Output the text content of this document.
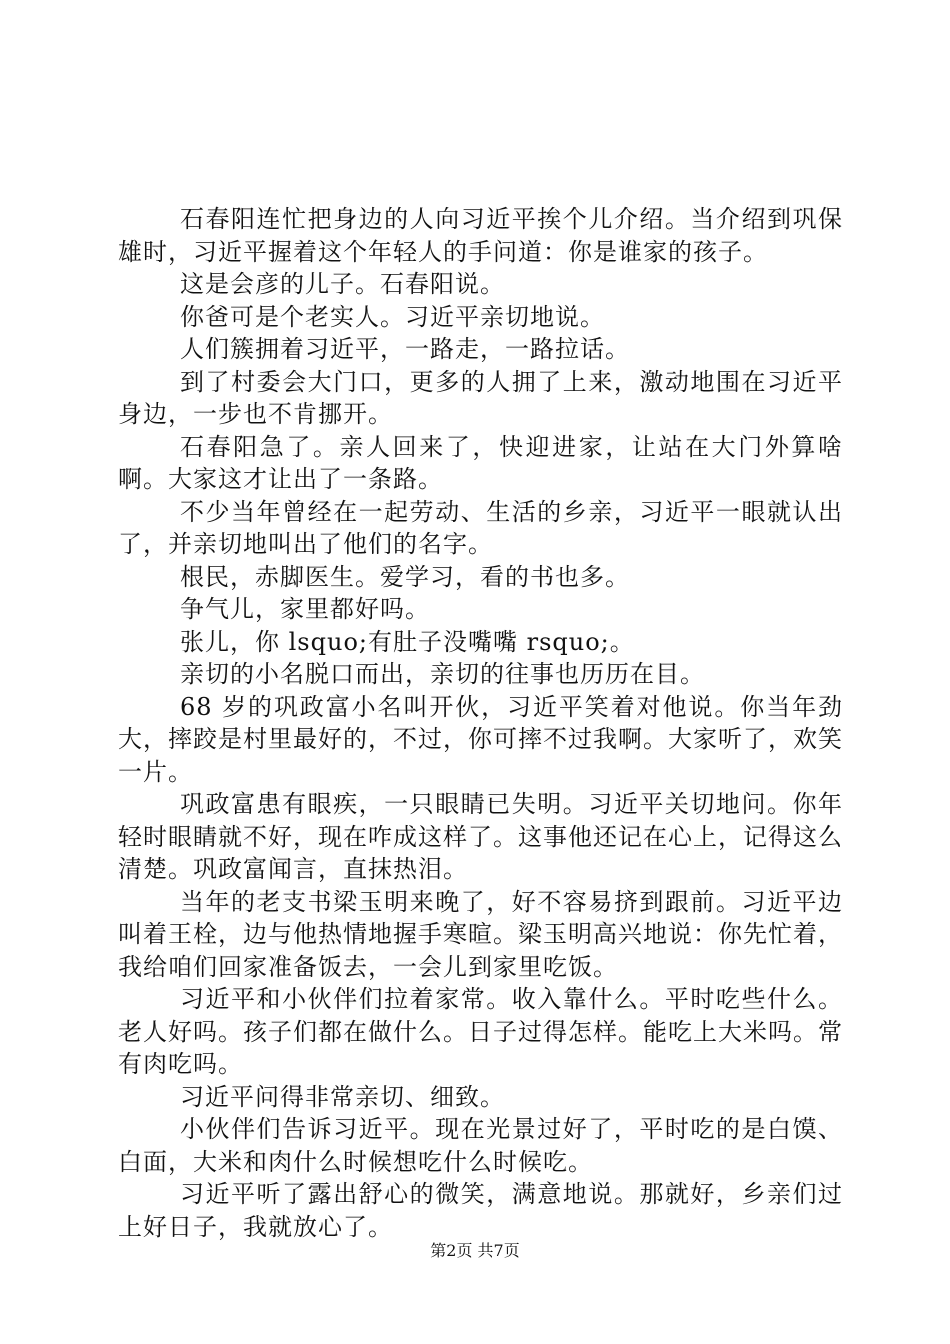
石春阳连忙把身边的人向习近平挨个儿介绍。当介绍到巩保雄时，习近平握着这个年轻人的手问道：你是谁家的孩子。

这是会彦的儿子。石春阳说。

你爸可是个老实人。习近平亲切地说。

人们簇拥着习近平，一路走，一路拉话。

到了村委会大门口，更多的人拥了上来，激动地围在习近平身边，一步也不肯挪开。

石春阳急了。亲人回来了，快迎进家，让站在大门外算啥啊。大家这才让出了一条路。

不少当年曾经在一起劳动、生活的乡亲，习近平一眼就认出了，并亲切地叫出了他们的名字。

根民，赤脚医生。爱学习，看的书也多。

争气儿，家里都好吗。

张儿，你 lsquo;有肚子没嘴嘴 rsquo;。

亲切的小名脱口而出，亲切的往事也历历在目。

68 岁的巩政富小名叫开伙，习近平笑着对他说。你当年劲大，摔跤是村里最好的，不过，你可摔不过我啊。大家听了，欢笑一片。

巩政富患有眼疾，一只眼睛已失明。习近平关切地问。你年轻时眼睛就不好，现在咋成这样了。这事他还记在心上，记得这么清楚。巩政富闻言，直抹热泪。

当年的老支书梁玉明来晚了，好不容易挤到跟前。习近平边叫着王栓，边与他热情地握手寒暄。梁玉明高兴地说：你先忙着，我给咱们回家准备饭去，一会儿到家里吃饭。

习近平和小伙伴们拉着家常。收入靠什么。平时吃些什么。老人好吗。孩子们都在做什么。日子过得怎样。能吃上大米吗。常有肉吃吗。

习近平问得非常亲切、细致。

小伙伴们告诉习近平。现在光景过好了，平时吃的是白馍、白面，大米和肉什么时候想吃什么时候吃。

习近平听了露出舒心的微笑，满意地说。那就好，乡亲们过上好日子，我就放心了。

第2页 共7页
